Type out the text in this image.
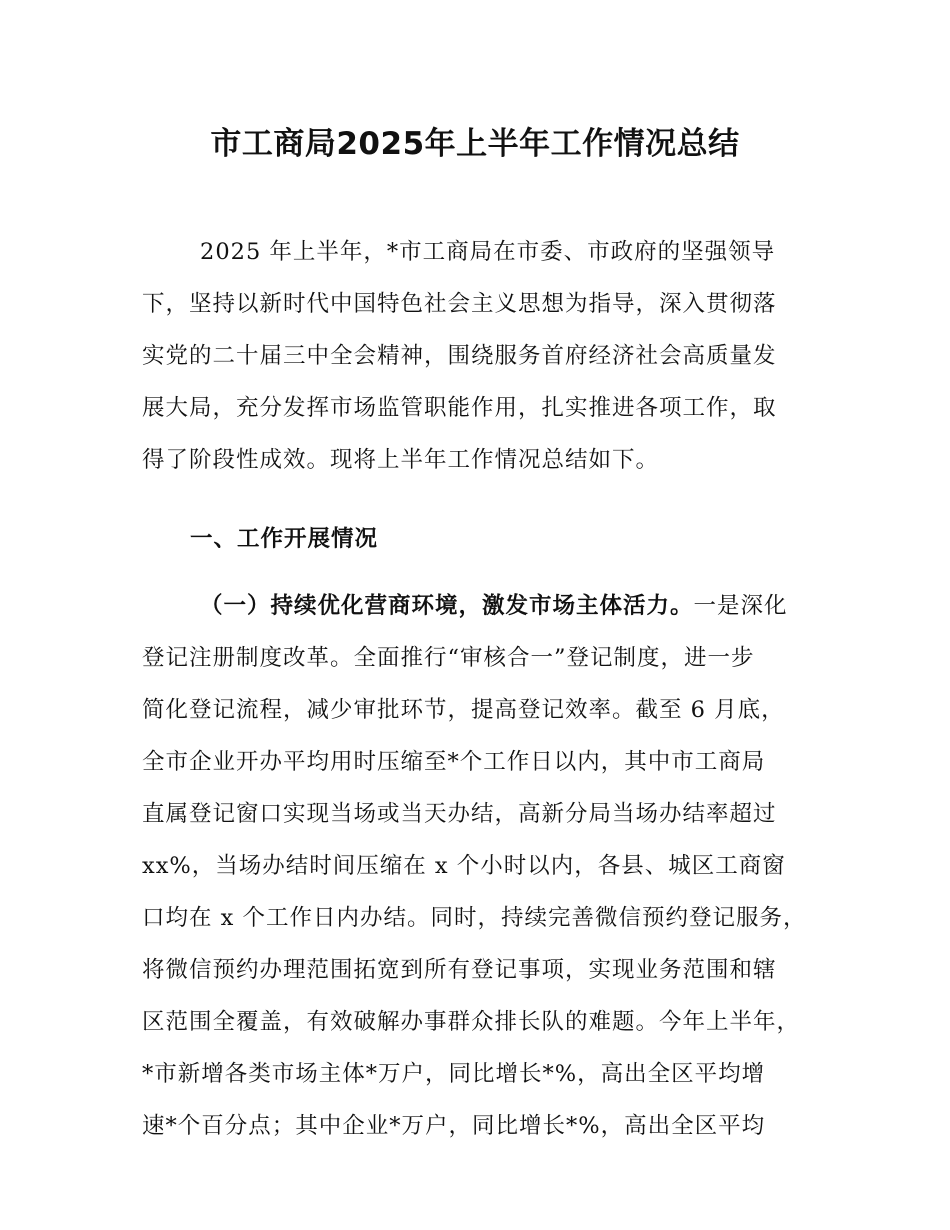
市工商局2025年上半年工作情况总结
2025 年上半年，*市工商局在市委、市政府的坚强领导
下，坚持以新时代中国特色社会主义思想为指导，深入贯彻落
实党的二十届三中全会精神，围绕服务首府经济社会高质量发
展大局，充分发挥市场监管职能作用，扎实推进各项工作，取
得了阶段性成效。现将上半年工作情况总结如下。
一、工作开展情况
（一）持续优化营商环境，激发市场主体活力。一是深化
登记注册制度改革。全面推行“审核合一”登记制度，进一步
简化登记流程，减少审批环节，提高登记效率。截至 6 月底，
全市企业开办平均用时压缩至*个工作日以内，其中市工商局
直属登记窗口实现当场或当天办结，高新分局当场办结率超过
xx%，当场办结时间压缩在 x 个小时以内，各县、城区工商窗
口均在 x 个工作日内办结。同时，持续完善微信预约登记服务，
将微信预约办理范围拓宽到所有登记事项，实现业务范围和辖
区范围全覆盖，有效破解办事群众排长队的难题。今年上半年，
*市新增各类市场主体*万户，同比增长*%，高出全区平均增
速*个百分点；其中企业*万户，同比增长*%，高出全区平均
